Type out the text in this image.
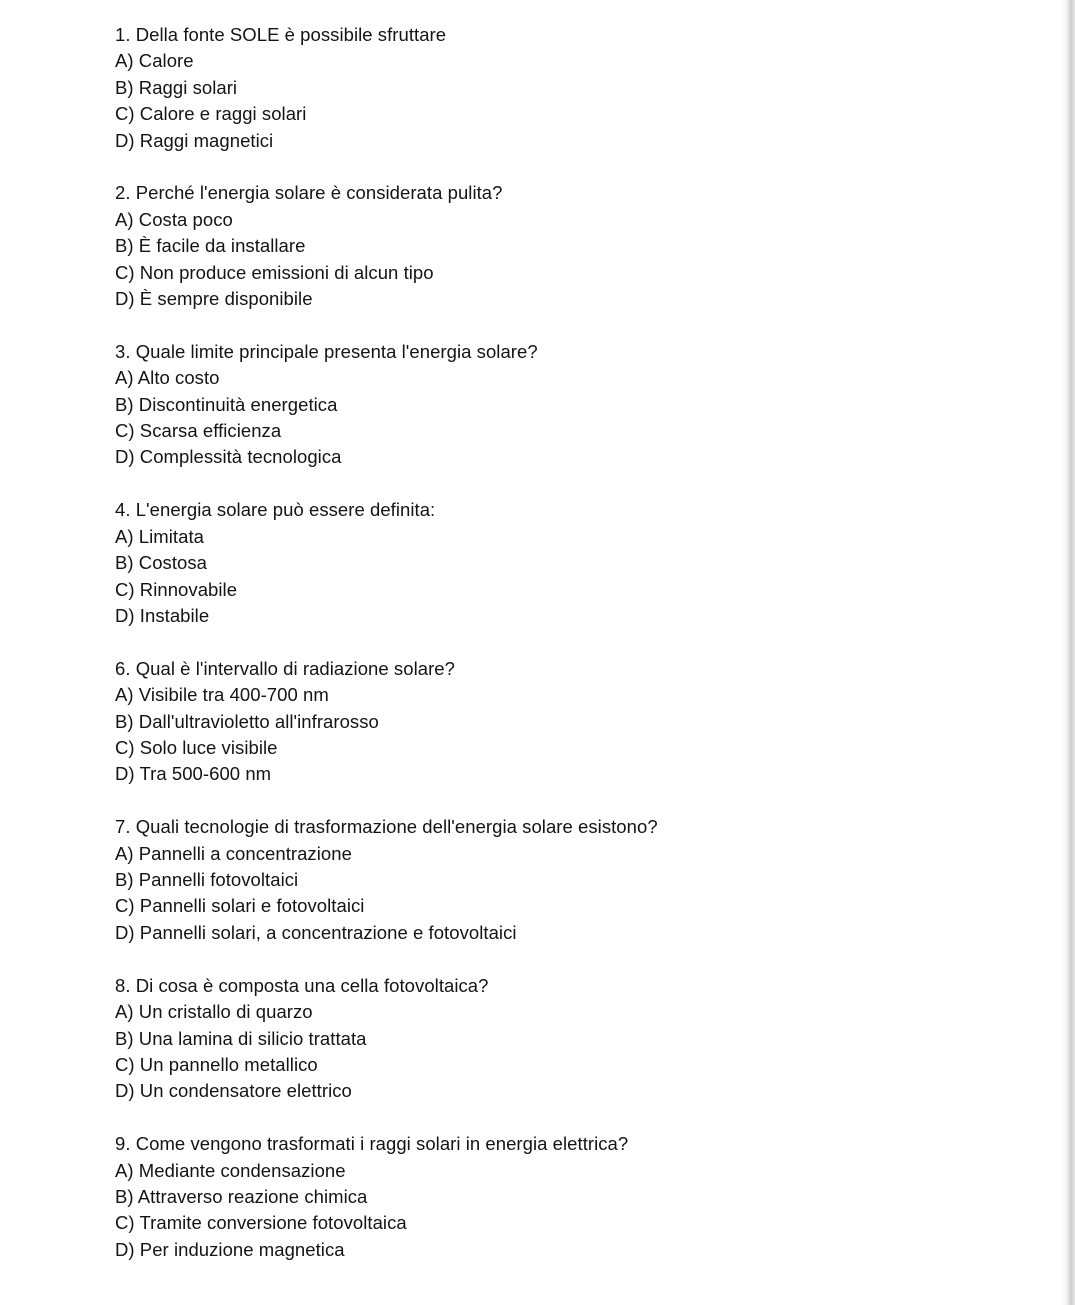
1. Della fonte SOLE è possibile sfruttare
A) Calore
B) Raggi solari
C) Calore e raggi solari
D) Raggi magnetici
2. Perché l'energia solare è considerata pulita?
A) Costa poco
B) È facile da installare
C) Non produce emissioni di alcun tipo
D) È sempre disponibile
3. Quale limite principale presenta l'energia solare?
A) Alto costo
B) Discontinuità energetica
C) Scarsa efficienza
D) Complessità tecnologica
4. L'energia solare può essere definita:
A) Limitata
B) Costosa
C) Rinnovabile
D) Instabile
6. Qual è l'intervallo di radiazione solare?
A) Visibile tra 400-700 nm
B) Dall'ultravioletto all'infrarosso
C) Solo luce visibile
D) Tra 500-600 nm
7. Quali tecnologie di trasformazione dell'energia solare esistono?
A) Pannelli a concentrazione
B) Pannelli fotovoltaici
C) Pannelli solari e fotovoltaici
D) Pannelli solari, a concentrazione e fotovoltaici
8. Di cosa è composta una cella fotovoltaica?
A) Un cristallo di quarzo
B) Una lamina di silicio trattata
C) Un pannello metallico
D) Un condensatore elettrico
9. Come vengono trasformati i raggi solari in energia elettrica?
A) Mediante condensazione
B) Attraverso reazione chimica
C) Tramite conversione fotovoltaica
D) Per induzione magnetica
